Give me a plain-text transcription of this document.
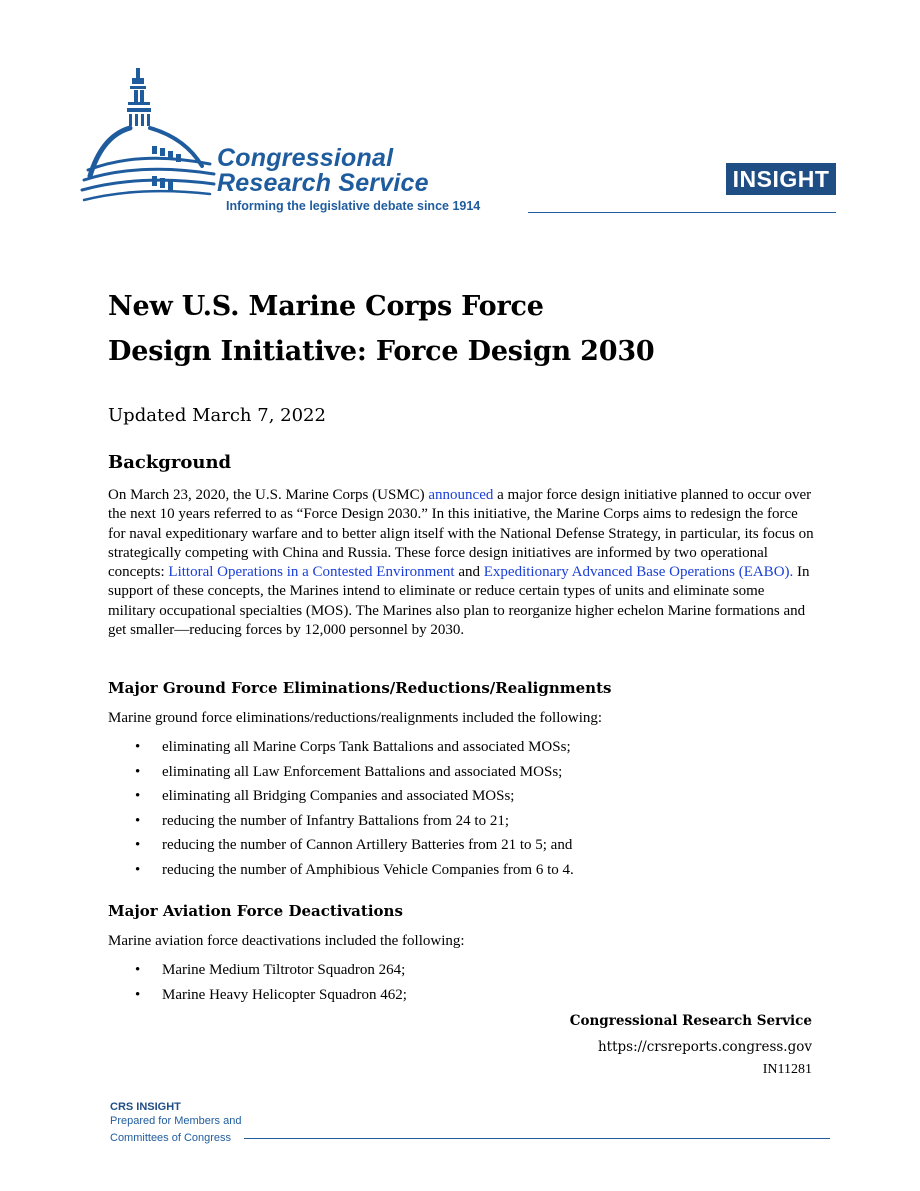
Congressional
Research Service
Informing the legislative debate since 1914
INSIGHT
New U.S. Marine Corps Force
Design Initiative: Force Design 2030
Updated March 7, 2022
Background

On March 23, 2020, the U.S. Marine Corps (USMC) announced a major force design initiative planned to occur over the next 10 years referred to as “Force Design 2030.” In this initiative, the Marine Corps aims to redesign the force for naval expeditionary warfare and to better align itself with the National Defense Strategy, in particular, its focus on strategically competing with China and Russia. These force design initiatives are informed by two operational concepts: Littoral Operations in a Contested Environment and Expeditionary Advanced Base Operations (EABO). In support of these concepts, the Marines intend to eliminate or reduce certain types of units and eliminate some military occupational specialties (MOS). The Marines also plan to reorganize higher echelon Marine formations and get smaller—reducing forces by 12,000 personnel by 2030.

Major Ground Force Eliminations/Reductions/Realignments

Marine ground force eliminations/reductions/realignments included the following:

• eliminating all Marine Corps Tank Battalions and associated MOSs;
• eliminating all Law Enforcement Battalions and associated MOSs;
• eliminating all Bridging Companies and associated MOSs;
• reducing the number of Infantry Battalions from 24 to 21;
• reducing the number of Cannon Artillery Batteries from 21 to 5; and
• reducing the number of Amphibious Vehicle Companies from 6 to 4.
Major Aviation Force Deactivations

Marine aviation force deactivations included the following:

• Marine Medium Tiltrotor Squadron 264;
• Marine Heavy Helicopter Squadron 462;
Congressional Research Service
https://crsreports.congress.gov
IN11281
CRS INSIGHT
Prepared for Members and
Committees of Congress
